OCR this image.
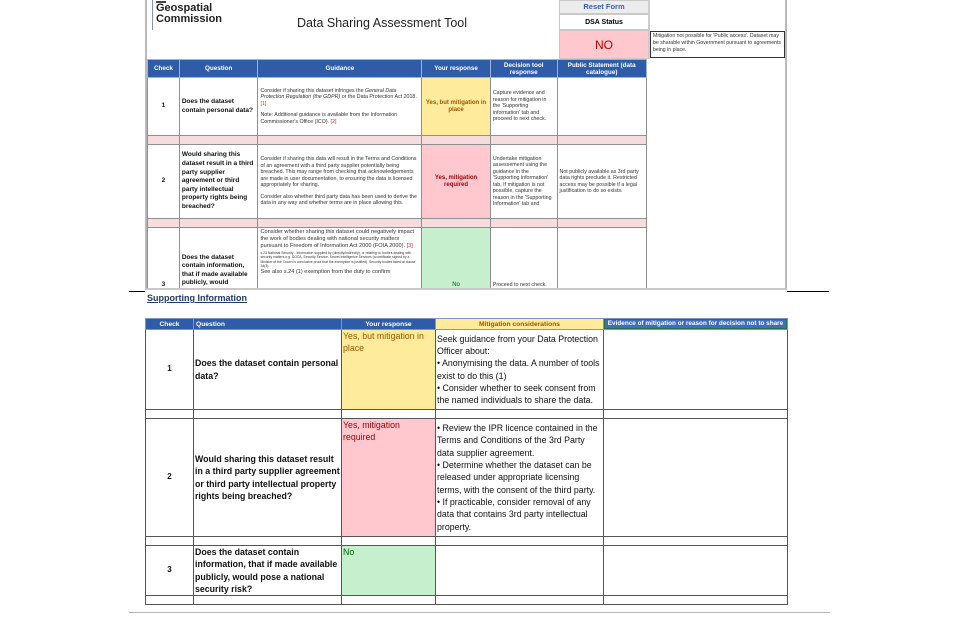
Geospatial
Commission	Data Sharing Assessment Tool
Reset Form
DSA Status
NO
Mitigation not possible for 'Public access'. Dataset may be sharable within Government pursuant to agreements being in place.
Check	Question	Guidance	Your response	Decision tool response	Public Statement (data catalogue)	
1	Does the dataset contain personal data?	Consider if sharing this dataset infringes the General Data Protection Regulation (the GDPR) or the Data Protection Act 2018. [1]

Note: Additional guidance is available from the Information Commissioner's Office (ICO). [2]	Yes, but mitigation in place	Capture evidence and reason for mitigation in the 'Supporting information' tab and proceed to next check.		

2	Would sharing this dataset result in a third party supplier agreement or third party intellectual property rights being breached?	Consider if sharing this data will result in the Terms and Conditions of an agreement with a third party supplier potentially being breached. This may range from checking that acknowledgements are made in user documentation, to ensuring the data is licensed appropriately for sharing.

Consider also whether third party data has been used to derive the data in any way and whether terms are in place allowing this.	Yes, mitigation required	Undertake mitigation assessement using the guidance in the 'Supporting information' tab. If mitigation is not possible, capture the reason in the 'Supporting Information' tab and	Not publicly available as 3rd party data rights preclude it. Restricted access may be possible if a legal justification to do so exists.	

3	Does the dataset contain information, that if made available publicly, would	Consider whether sharing this dataset could negatively impact the work of bodies dealing with national security matters pursuant to Freedom of Information Act 2000 (FOIA 2000). [3]
s.23 National Security - Information supplied by (directly/indirectly), or relating to, bodies dealing with security matters e.g. SOCA, Security Service, Secret Intelligence Services (a certificate signed by a Minister of the Crown is conclusive proof that the exemption is justified). Security bodies listed at clause 34(3).
See also s.24 (1) exemption from the duty to confirm	No	Proceed to next check.		
Supporting Information
Check	Question	Your response	Mitigation considerations	Evidence of mitigation or reason for decision not to share

1	Does the dataset contain personal data?	Yes, but mitigation in place	Seek guidance from your Data Protection Officer about:
• Anonymising the data. A number of tools exist to do this (1)
• Consider whether to seek consent from the named individuals to share the data.	

2	Would sharing this dataset result in a third party supplier agreement or third party intellectual property rights being breached?	Yes, mitigation required	• Review the IPR licence contained in the Terms and Conditions of the 3rd Party data supplier agreement.
• Determine whether the dataset can be released under appropriate licensing terms, with the consent of the third party.
• If practicable, consider removal of any data that contains 3rd party intellectual property.	

3	Does the dataset contain information, that if made available publicly, would pose a national security risk?	No		
